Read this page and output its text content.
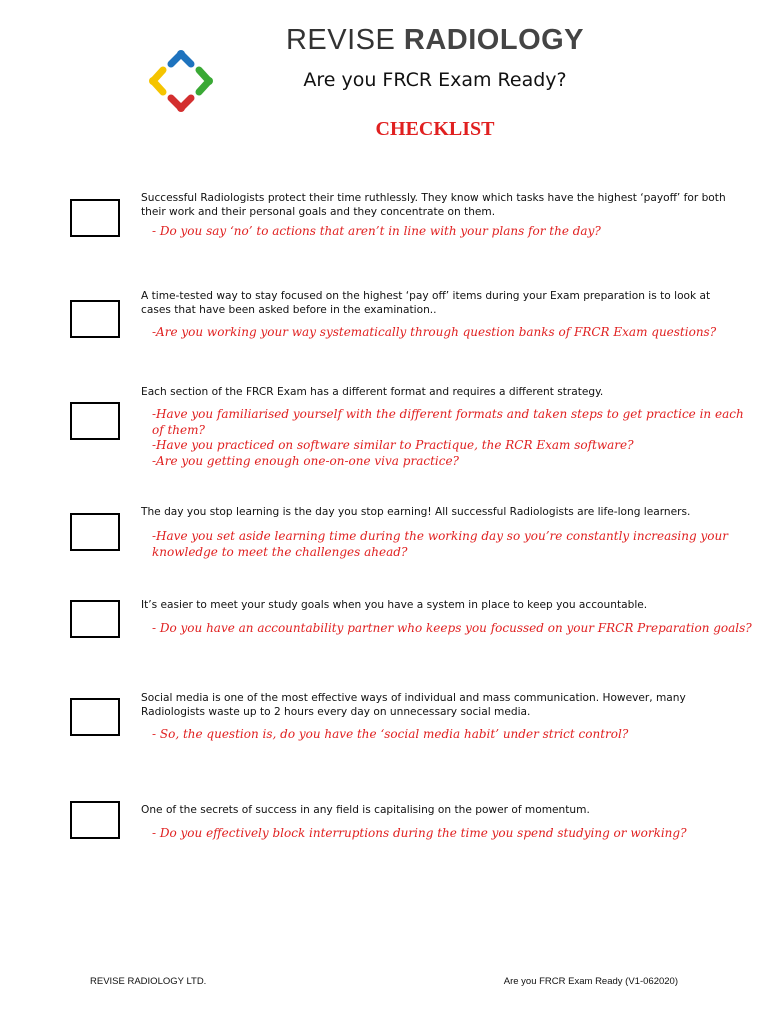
REVISE RADIOLOGY
Are you FRCR Exam Ready?
CHECKLIST
Successful Radiologists protect their time ruthlessly. They know which tasks have the highest ‘payoff’ for both their work and their personal goals and they concentrate on them.
- Do you say ‘no’ to actions that aren’t in line with your plans for the day?
A time-tested way to stay focused on the highest ‘pay off’ items during your Exam preparation is to look at cases that have been asked before in the examination..
-Are you working your way systematically through question banks of FRCR Exam questions?
Each section of the FRCR Exam has a different format and requires a different strategy.
-Have you familiarised yourself with the different formats and taken steps to get practice in each of them?
-Have you practiced on software similar to Practique, the RCR Exam software?
-Are you getting enough one-on-one viva practice?
The day you stop learning is the day you stop earning! All successful Radiologists are life-long learners.
-Have you set aside learning time during the working day so you’re constantly increasing your knowledge to meet the challenges ahead?
It’s easier to meet your study goals when you have a system in place to keep you accountable.
- Do you have an accountability partner who keeps you focussed on your FRCR Preparation goals?
Social media is one of the most effective ways of individual and mass communication. However, many Radiologists waste up to 2 hours every day on unnecessary social media.
- So, the question is, do you have the ‘social media habit’ under strict control?
One of the secrets of success in any field is capitalising on the power of momentum.
- Do you effectively block interruptions during the time you spend studying or working?
REVISE RADIOLOGY LTD.	Are you FRCR Exam Ready (V1-062020)
